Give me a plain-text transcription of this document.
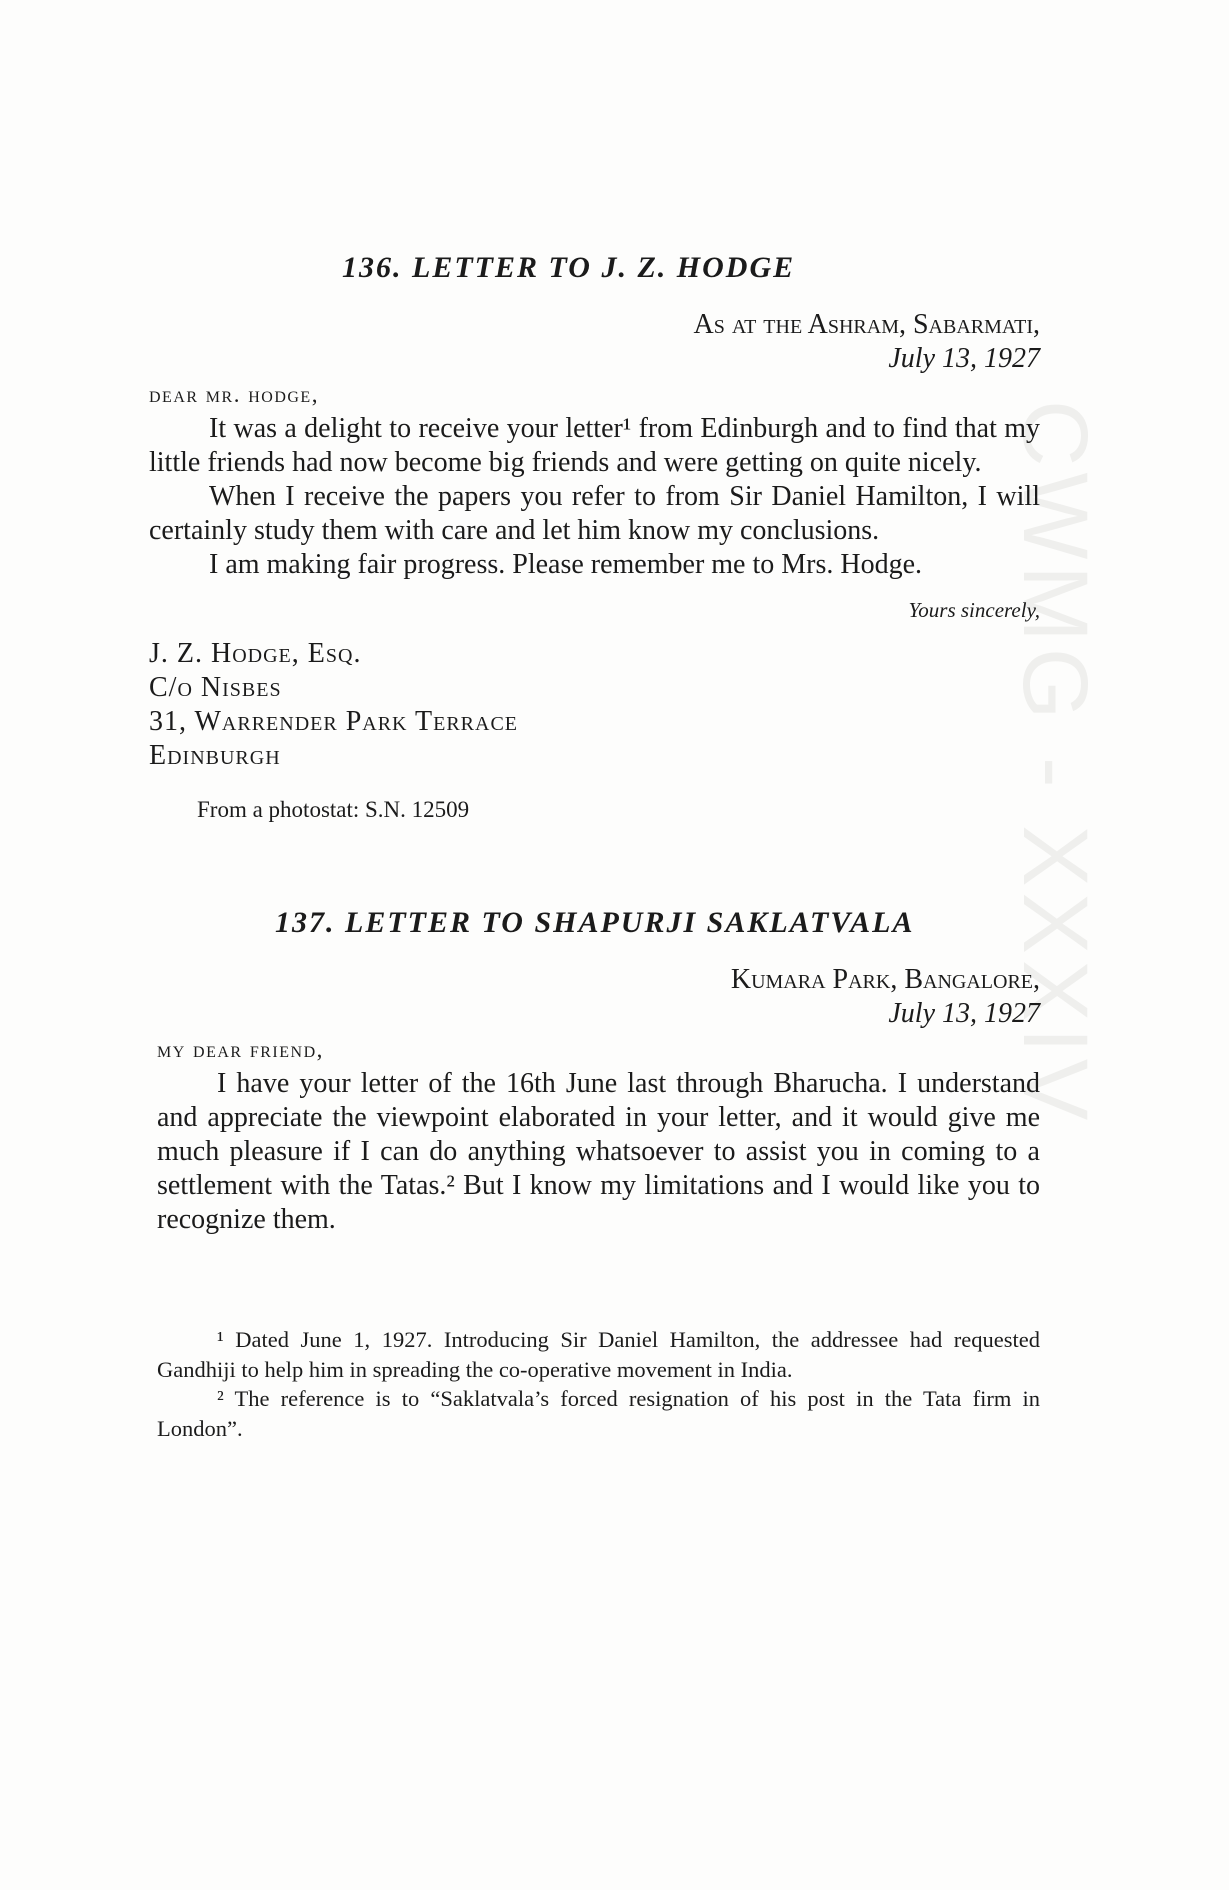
CWMG - XXXIV
136. LETTER TO J. Z. HODGE

As at the Ashram, Sabarmati,

July 13, 1927

dear mr. hodge,

It was a delight to receive your letter¹ from Edinburgh and to find that my little friends had now become big friends and were getting on quite nicely.

When I receive the papers you refer to from Sir Daniel Hamilton, I will certainly study them with care and let him know my conclusions.

I am making fair progress. Please remember me to Mrs. Hodge.

Yours sincerely,

J. Z. Hodge, Esq.
C/o Nisbes
31, Warrender Park Terrace
Edinburgh

From a photostat: S.N. 12509

137. LETTER TO SHAPURJI SAKLATVALA

Kumara Park, Bangalore,

July 13, 1927

my dear friend,

I have your letter of the 16th June last through Bharucha. I understand and appreciate the viewpoint elaborated in your letter, and it would give me much pleasure if I can do anything whatsoever to assist you in coming to a settlement with the Tatas.² But I know my limitations and I would like you to recognize them.

¹ Dated June 1, 1927. Introducing Sir Daniel Hamilton, the addressee had requested Gandhiji to help him in spreading the co-operative movement in India.

² The reference is to “Saklatvala’s forced resignation of his post in the Tata firm in London”.
